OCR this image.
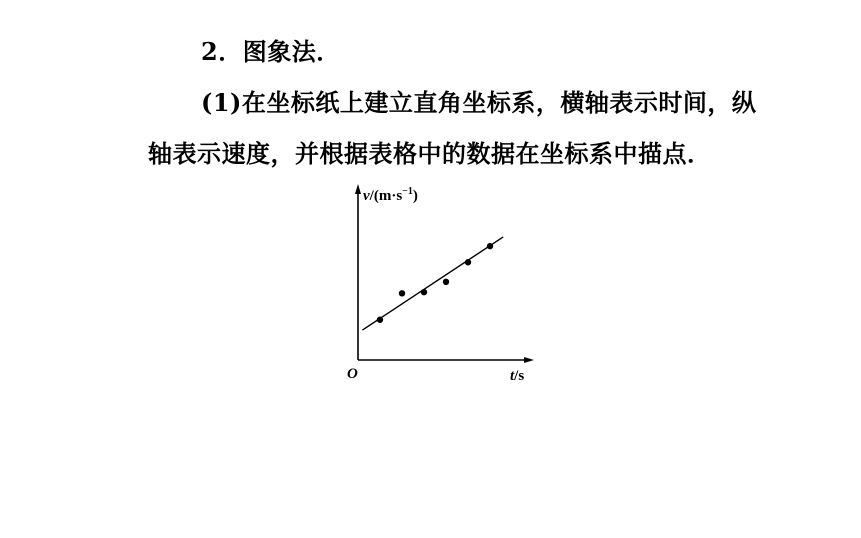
2．图象法．
(1)在坐标纸上建立直角坐标系，横轴表示时间，纵
轴表示速度，并根据表格中的数据在坐标系中描点．
$v/(m\cdot s^{-1})$
t/s
O
